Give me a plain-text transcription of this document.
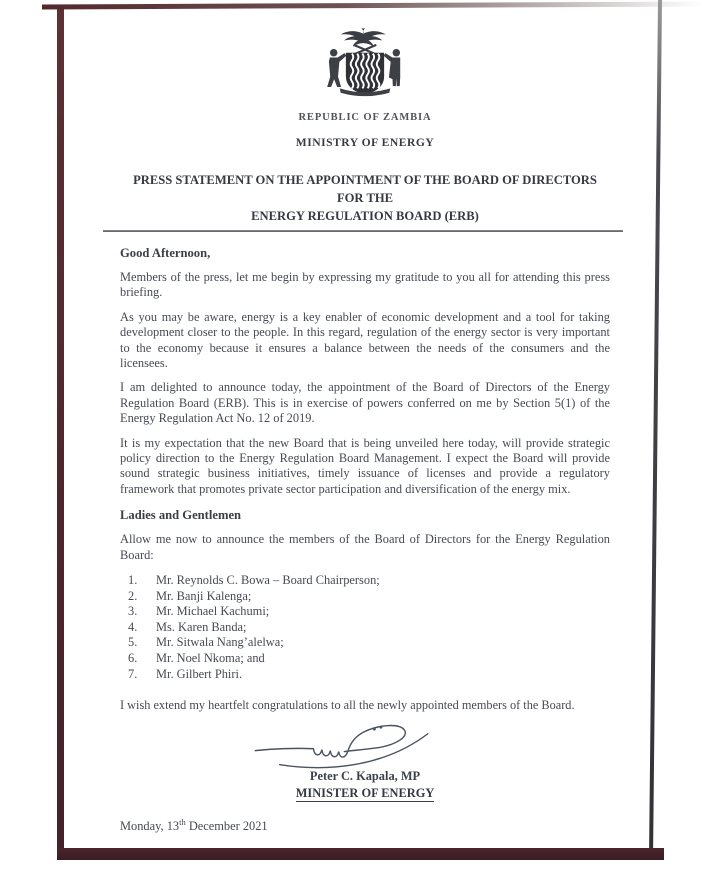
REPUBLIC OF ZAMBIA
MINISTRY OF ENERGY
PRESS STATEMENT ON THE APPOINTMENT OF THE BOARD OF DIRECTORS FOR THE
ENERGY REGULATION BOARD (ERB)
Good Afternoon,
Members of the press, let me begin by expressing my gratitude to you all for attending this press briefing.
As you may be aware, energy is a key enabler of economic development and a tool for taking development closer to the people. In this regard, regulation of the energy sector is very important to the economy because it ensures a balance between the needs of the consumers and the licensees.
I am delighted to announce today, the appointment of the Board of Directors of the Energy Regulation Board (ERB). This is in exercise of powers conferred on me by Section 5(1) of the Energy Regulation Act No. 12 of 2019.
It is my expectation that the new Board that is being unveiled here today, will provide strategic policy direction to the Energy Regulation Board Management. I expect the Board will provide sound strategic business initiatives, timely issuance of licenses and provide a regulatory framework that promotes private sector participation and diversification of the energy mix.
Ladies and Gentlemen
Allow me now to announce the members of the Board of Directors for the Energy Regulation Board:
1.	Mr. Reynolds C. Bowa – Board Chairperson;
2.	Mr. Banji Kalenga;
3.	Mr. Michael Kachumi;
4.	Ms. Karen Banda;
5.	Mr. Sitwala Nang’alelwa;
6.	Mr. Noel Nkoma; and
7.	Mr. Gilbert Phiri.
I wish extend my heartfelt congratulations to all the newly appointed members of the Board.
Peter C. Kapala, MP
MINISTER OF ENERGY
Monday, 13th December 2021
